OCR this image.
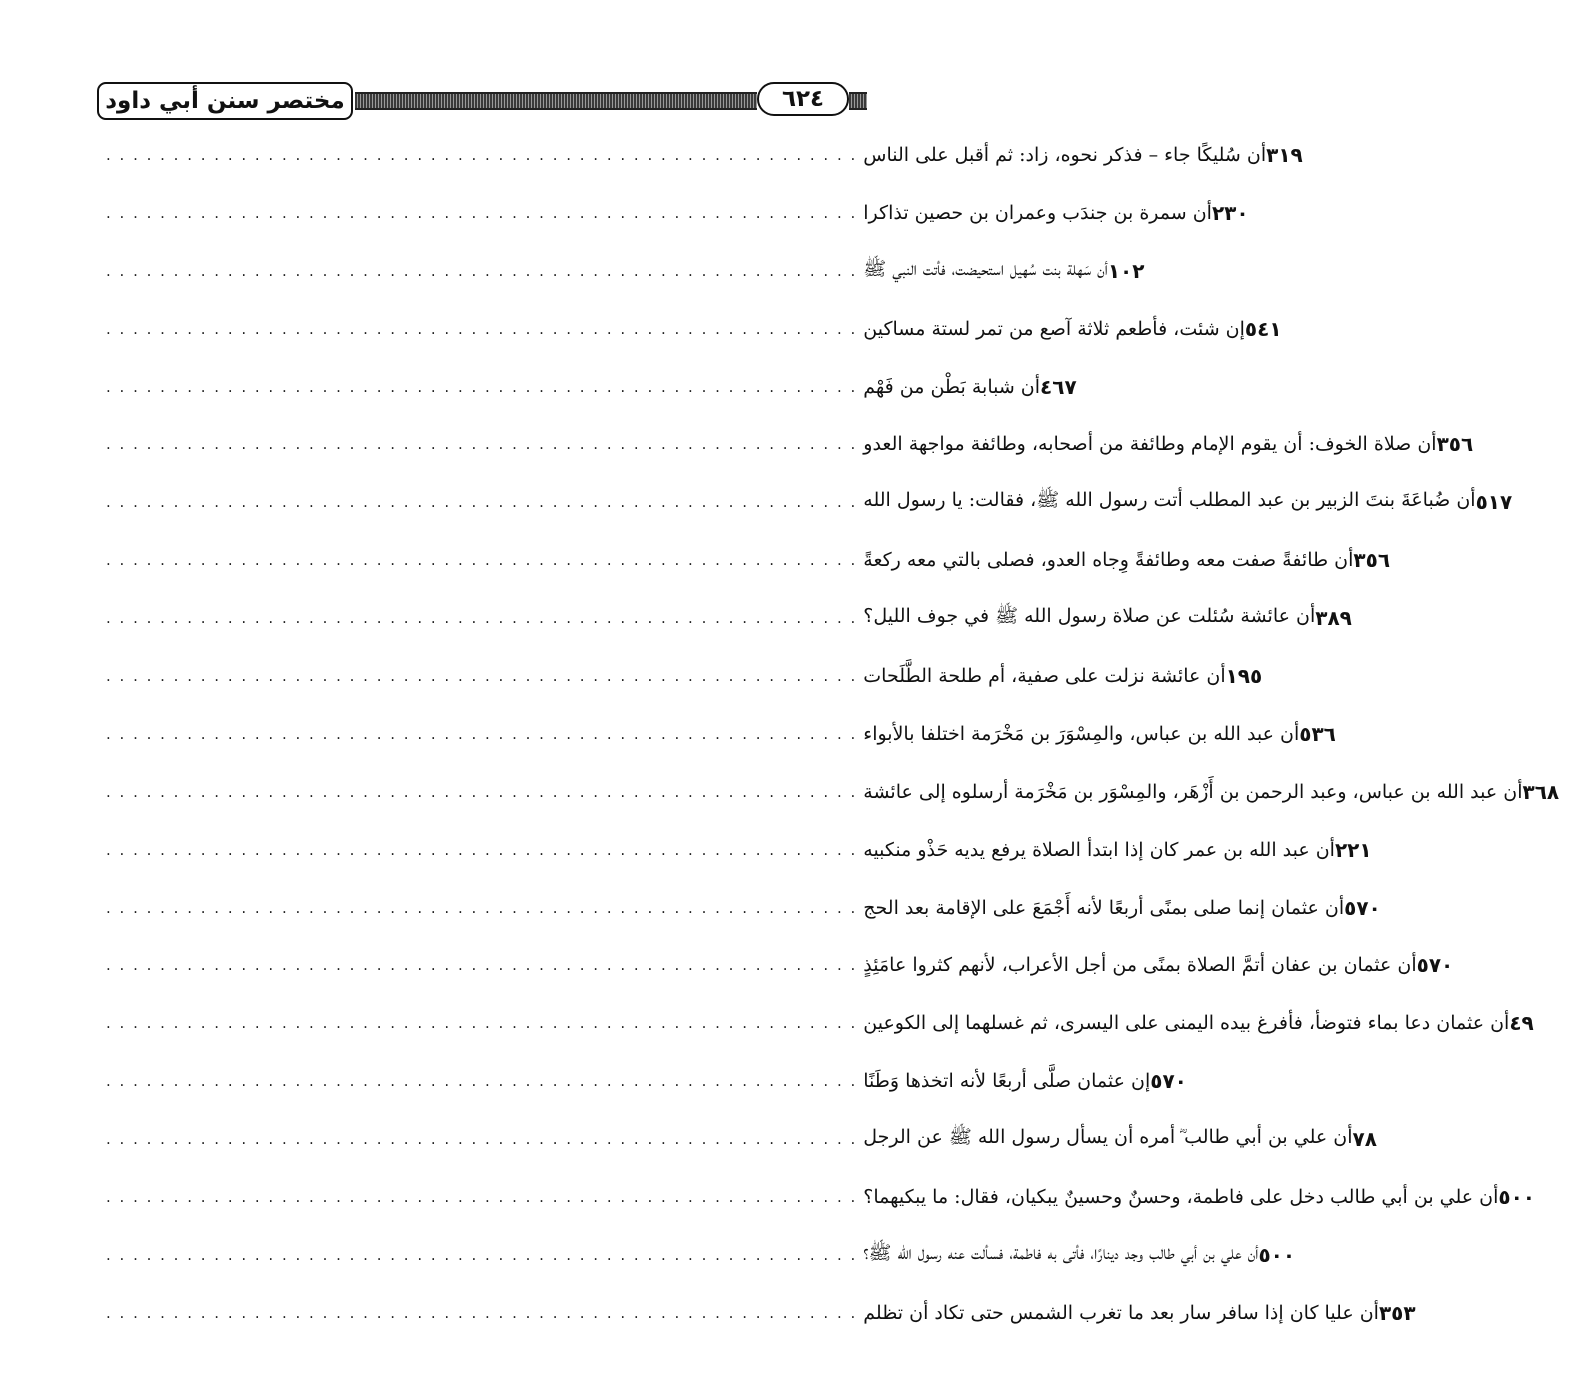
مختصر سنن أبي داود	٦٢٤
أن سُليكًا جاء – فذكر نحوه، زاد: ثم أقبل على الناس
. . . . . . . . . . . . . . . . . . . . . . . . . . . . . . . . . . . . . . . . . . . . . . . . . . . . . . . .	٣١٩
أن سمرة بن جندَب وعمران بن حصين تذاكرا
. . . . . . . . . . . . . . . . . . . . . . . . . . . . . . . . . . . . . . . . . . . . . . . . . . . . . . . .	٢٣٠
أن سَهلة بنت سُهيل استحيضت، فأتت النبي ﷺ
. . . . . . . . . . . . . . . . . . . . . . . . . . . . . . . . . . . . . . . . . . . . . . . . . . . . . . . .	١٠٢
إن شئت، فأطعم ثلاثة آصع من تمر لستة مساكين
. . . . . . . . . . . . . . . . . . . . . . . . . . . . . . . . . . . . . . . . . . . . . . . . . . . . . . . .	٥٤١
أن شبابة بَطْن من فَهْم
. . . . . . . . . . . . . . . . . . . . . . . . . . . . . . . . . . . . . . . . . . . . . . . . . . . . . . . .	٤٦٧
أن صلاة الخوف: أن يقوم الإمام وطائفة من أصحابه، وطائفة مواجهة العدو
. . . . . . . . . . . . . . . . . . . . . . . . . . . . . . . . . . . . . . . . . . . . . . . . . . . . . . . .	٣٥٦
أن ضُباعَةَ بنتَ الزبير بن عبد المطلب أتت رسول الله ﷺ، فقالت: يا رسول الله
. . . . . . . . . . . . . . . . . . . . . . . . . . . . . . . . . . . . . . . . . . . . . . . . . . . . . . . .	٥١٧
أن طائفةً صفت معه وطائفةً وِجاه العدو، فصلى بالتي معه ركعةً
. . . . . . . . . . . . . . . . . . . . . . . . . . . . . . . . . . . . . . . . . . . . . . . . . . . . . . . .	٣٥٦
أن عائشة سُئلت عن صلاة رسول الله ﷺ في جوف الليل؟
. . . . . . . . . . . . . . . . . . . . . . . . . . . . . . . . . . . . . . . . . . . . . . . . . . . . . . . .	٣٨٩
أن عائشة نزلت على صفية، أم طلحة الطَّلَحات
. . . . . . . . . . . . . . . . . . . . . . . . . . . . . . . . . . . . . . . . . . . . . . . . . . . . . . . .	١٩٥
أن عبد الله بن عباس، والمِسْوَرَ بن مَخْرَمة اختلفا بالأبواء
. . . . . . . . . . . . . . . . . . . . . . . . . . . . . . . . . . . . . . . . . . . . . . . . . . . . . . . .	٥٣٦
أن عبد الله بن عباس، وعبد الرحمن بن أَزْهَر، والمِسْوَر بن مَخْرَمة أرسلوه إلى عائشة
. . . . . . . . . . . . . . . . . . . . . . . . . . . . . . . . . . . . . . . . . . . . . . . . . . . . . . . .	٣٦٨
أن عبد الله بن عمر كان إذا ابتدأ الصلاة يرفع يديه حَذْو منكبيه
. . . . . . . . . . . . . . . . . . . . . . . . . . . . . . . . . . . . . . . . . . . . . . . . . . . . . . . .	٢٢١
أن عثمان إنما صلى بمنًى أربعًا لأنه أَجْمَعَ على الإقامة بعد الحج
. . . . . . . . . . . . . . . . . . . . . . . . . . . . . . . . . . . . . . . . . . . . . . . . . . . . . . . .	٥٧٠
أن عثمان بن عفان أتمَّ الصلاة بمنًى من أجل الأعراب، لأنهم كثروا عامَئِذٍ
. . . . . . . . . . . . . . . . . . . . . . . . . . . . . . . . . . . . . . . . . . . . . . . . . . . . . . . .	٥٧٠
أن عثمان دعا بماء فتوضأ، فأفرغ بيده اليمنى على اليسرى، ثم غسلهما إلى الكوعين
. . . . . . . . . . . . . . . . . . . . . . . . . . . . . . . . . . . . . . . . . . . . . . . . . . . . . . . .	٤٩
إن عثمان صلَّى أربعًا لأنه اتخذها وَطَنًا
. . . . . . . . . . . . . . . . . . . . . . . . . . . . . . . . . . . . . . . . . . . . . . . . . . . . . . . .	٥٧٠
أن علي بن أبي طالب ؓ أمره أن يسأل رسول الله ﷺ عن الرجل
. . . . . . . . . . . . . . . . . . . . . . . . . . . . . . . . . . . . . . . . . . . . . . . . . . . . . . . .	٧٨
أن علي بن أبي طالب دخل على فاطمة، وحسنٌ وحسينٌ يبكيان، فقال: ما يبكيهما؟
. . . . . . . . . . . . . . . . . . . . . . . . . . . . . . . . . . . . . . . . . . . . . . . . . . . . . . . .	٥٠٠
أن علي بن أبي طالب وجد دينارًا، فأتى به فاطمة، فسألت عنه رسول الله ﷺ؟
. . . . . . . . . . . . . . . . . . . . . . . . . . . . . . . . . . . . . . . . . . . . . . . . . . . . . . . .	٥٠٠
أن عليا كان إذا سافر سار بعد ما تغرب الشمس حتى تكاد أن تظلم
. . . . . . . . . . . . . . . . . . . . . . . . . . . . . . . . . . . . . . . . . . . . . . . . . . . . . . . .	٣٥٣
